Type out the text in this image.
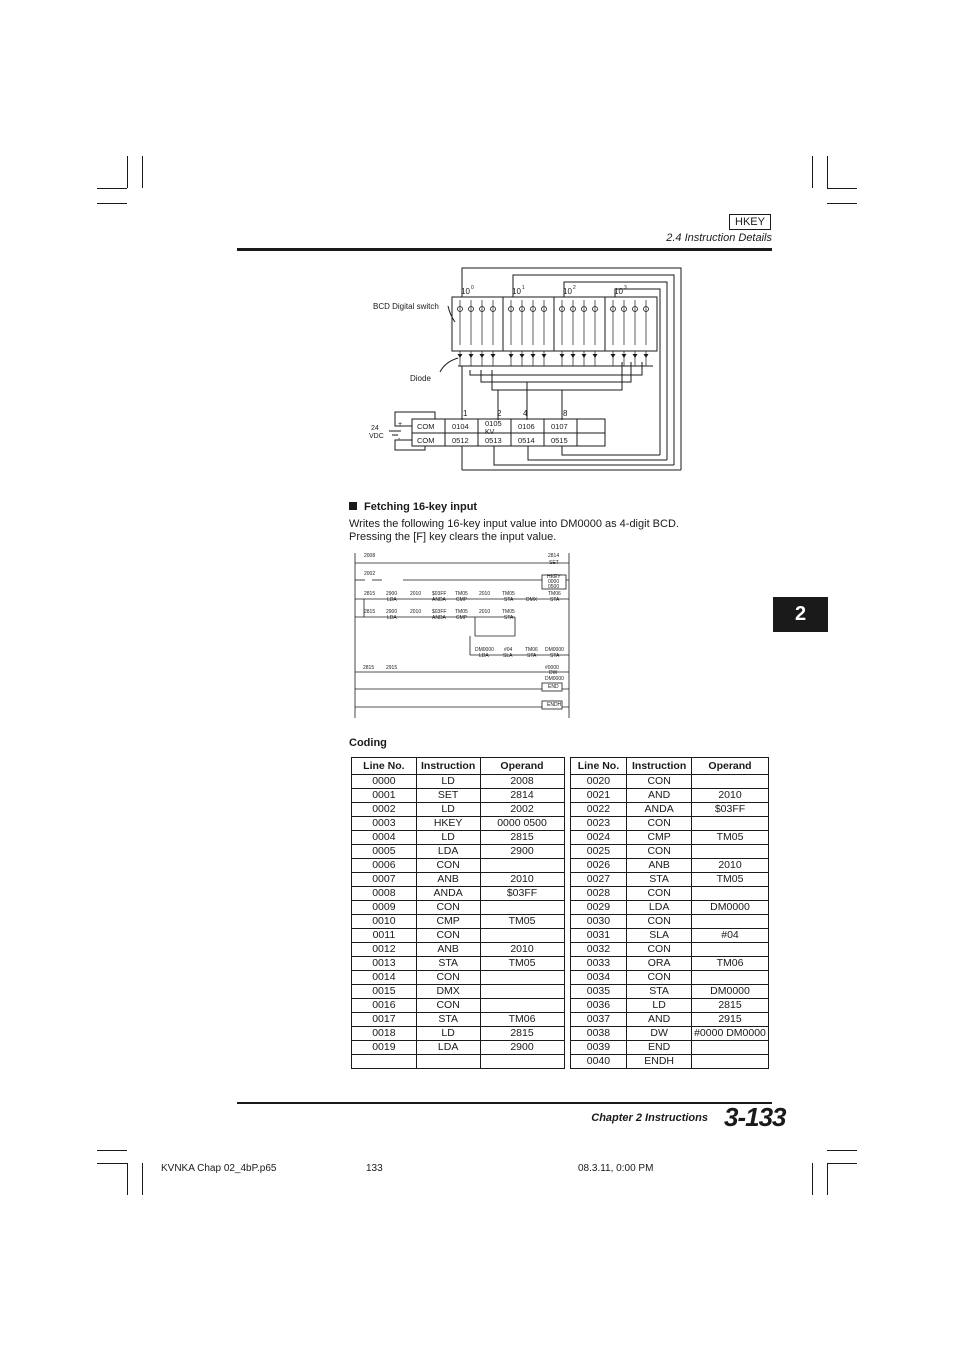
HKEY
2.4 Instruction Details
2
BCD Digital switch
Diode
10 0	10 1	10 2	10 3
1	2	4	8
24
VDC
+
-
KV
COM 0104 0105 0106 0107
COM 0512 0513 0514 0515
Fetching 16-key input
Writes the following 16-key input value into DM0000 as 4-digit BCD.
Pressing the [F] key clears the input value.
2008	2814
SET
2002	HKEY
0000
0500
2815 2900
LDA
2010 $03FF
ANDA
TM05
CMP
2010 TM05
STA	DMX
TM06
STA
2815 2900
LDA
2010 $03FF
ANDA
TM05
CMP
2010 TM05
STA
DM0000
LDA
#04
SLA
TM06
STA
DM0000
STA
2815 2915	#0000
DW
DM0000
END
ENDH
Coding
Line No.	Instruction	Operand		Line No.	Instruction	Operand
0000	LD	2008		0020	CON	
0001	SET	2814		0021	AND	2010
0002	LD	2002		0022	ANDA	$03FF
0003	HKEY	0000 0500		0023	CON	
0004	LD	2815		0024	CMP	TM05
0005	LDA	2900		0025	CON	
0006	CON			0026	ANB	2010
0007	ANB	2010		0027	STA	TM05
0008	ANDA	$03FF		0028	CON	
0009	CON			0029	LDA	DM0000
0010	CMP	TM05		0030	CON	
0011	CON			0031	SLA	#04
0012	ANB	2010		0032	CON	
0013	STA	TM05		0033	ORA	TM06
0014	CON			0034	CON	
0015	DMX			0035	STA	DM0000
0016	CON			0036	LD	2815
0017	STA	TM06		0037	AND	2915
0018	LD	2815		0038	DW	#0000 DM0000
0019	LDA	2900		0039	END	
				0040	ENDH	
Chapter 2 Instructions 3-133
KVNKA Chap 02_4bP.p65	133	08.3.11, 0:00 PM
